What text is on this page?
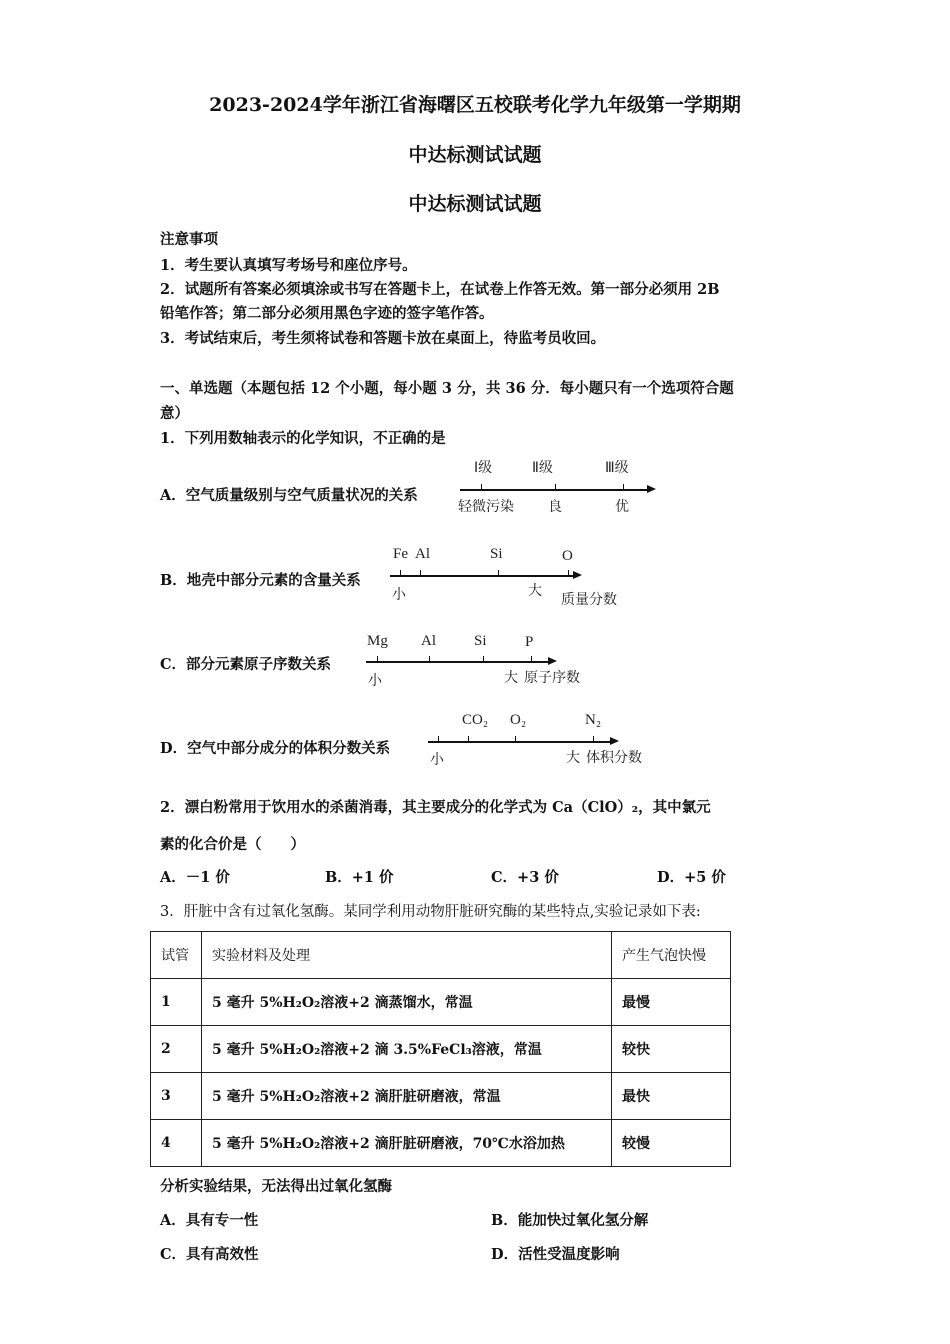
2023-2024学年浙江省海曙区五校联考化学九年级第一学期期
中达标测试试题
中达标测试试题
注意事项
1．考生要认真填写考场号和座位序号。
2．试题所有答案必须填涂或书写在答题卡上，在试卷上作答无效。第一部分必须用 2B
铅笔作答；第二部分必须用黑色字迹的签字笔作答。
3．考试结束后，考生须将试卷和答题卡放在桌面上，待监考员收回。
一、单选题（本题包括 12 个小题，每小题 3 分，共 36 分．每小题只有一个选项符合题
意）
1．下列用数轴表示的化学知识，不正确的是
A．空气质量级别与空气质量状况的关系
Ⅰ级	Ⅱ级	Ⅲ级
轻微污染 良	优
B．地壳中部分元素的含量关系
Fe Al	Si	O
小	大
质量分数
C．部分元素原子序数关系
Mg Al	Si	P
小	大 原子序数
D．空气中部分成分的体积分数关系
CO₂ O₂	N₂
小	大 体积分数
2．漂白粉常用于饮用水的杀菌消毒，其主要成分的化学式为 Ca（ClO）₂，其中氯元
素的化合价是（　　）
A．－1 价	B．+1 价	C．+3 价	D．+5 价
3．肝脏中含有过氧化氢酶。某同学利用动物肝脏研究酶的某些特点,实验记录如下表:
试管	实验材料及处理	产生气泡快慢
1	5 毫升 5%H₂O₂溶液+2 滴蒸馏水，常温	最慢
2	5 毫升 5%H₂O₂溶液+2 滴 3.5%FeCl₃溶液，常温	较快
3	5 毫升 5%H₂O₂溶液+2 滴肝脏研磨液，常温	最快
4	5 毫升 5%H₂O₂溶液+2 滴肝脏研磨液，70℃水浴加热	较慢
分析实验结果，无法得出过氧化氢酶
A．具有专一性	B．能加快过氧化氢分解
C．具有高效性	D．活性受温度影响
